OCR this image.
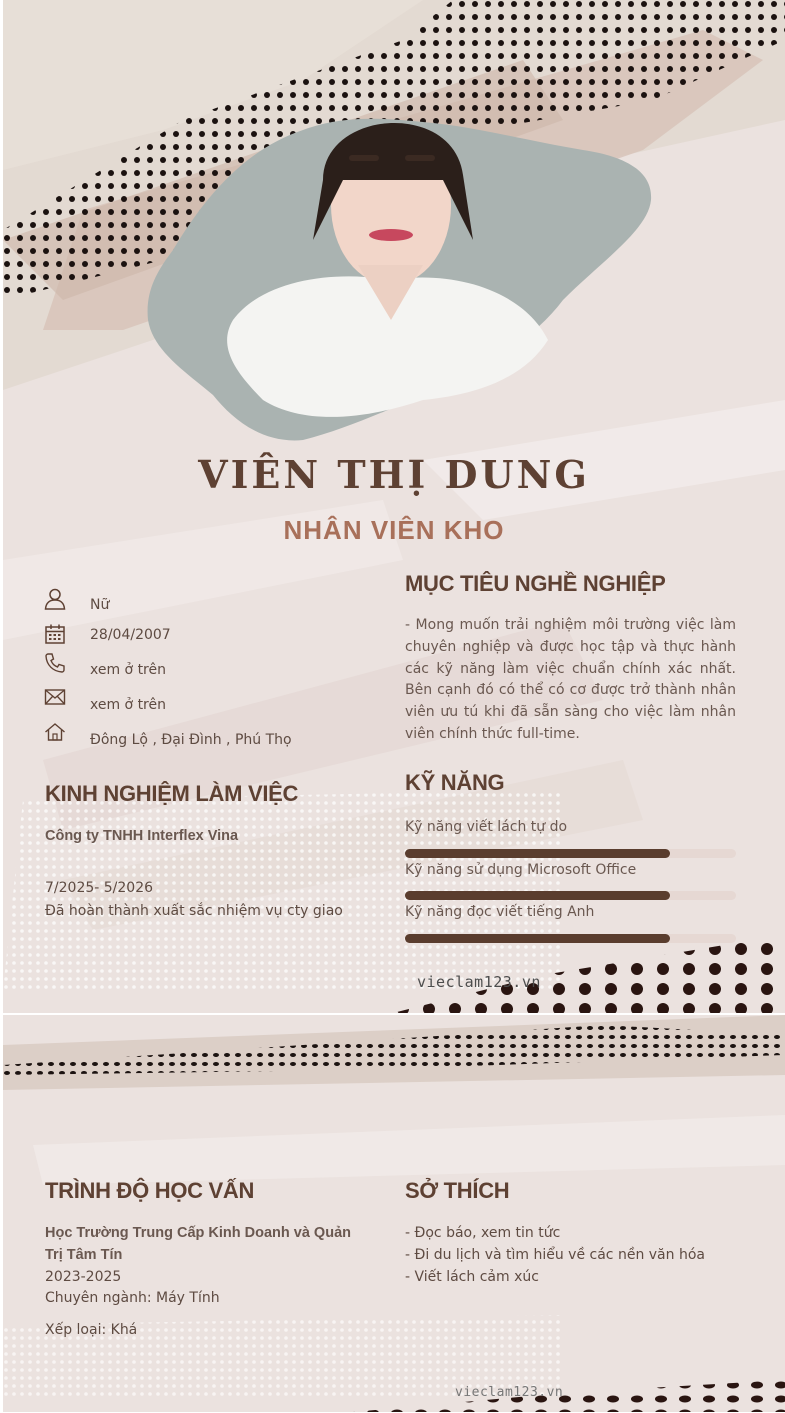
VIÊN THỊ DUNG
NHÂN VIÊN KHO
Nữ
28/04/2007
xem ở trên
xem ở trên
Đông Lộ , Đại Đình , Phú Thọ
KINH NGHIỆM LÀM VIỆC
Công ty TNHH Interflex Vina
7/2025- 5/2026
Đã hoàn thành xuất sắc nhiệm vụ cty giao
MỤC TIÊU NGHỀ NGHIỆP
- Mong muốn trải nghiệm môi trường việc làm chuyên nghiệp và được học tập và thực hành các kỹ năng làm việc chuẩn chính xác nhất. Bên cạnh đó có thể có cơ được trở thành nhân viên ưu tú khi đã sẵn sàng cho việc làm nhân viên chính thức full-time.
KỸ NĂNG
Kỹ năng viết lách tự do
Kỹ năng sử dụng Microsoft Office
Kỹ năng đọc viết tiếng Anh
vieclam123.vn
TRÌNH ĐỘ HỌC VẤN
Học Trường Trung Cấp Kinh Doanh và Quản
Trị Tâm Tín
2023-2025
Chuyên ngành: Máy Tính
Xếp loại: Khá
SỞ THÍCH
- Đọc báo, xem tin tức
- Đi du lịch và tìm hiểu về các nền văn hóa
- Viết lách cảm xúc
vieclam123.vn
